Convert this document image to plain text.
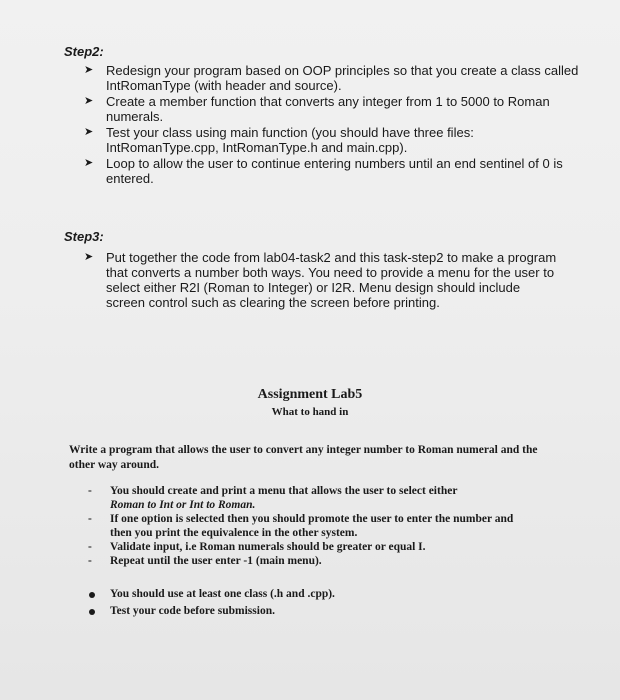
Step2:
➤ Redesign your program based on OOP principles so that you create a class called IntRomanType (with header and source).
➤ Create a member function that converts any integer from 1 to 5000 to Roman numerals.
➤ Test your class using main function (you should have three files: IntRomanType.cpp, IntRomanType.h and main.cpp).
➤ Loop to allow the user to continue entering numbers until an end sentinel of 0 is entered.
Step3:
➤ Put together the code from lab04-task2 and this task-step2 to make a program that converts a number both ways. You need to provide a menu for the user to select either R2I (Roman to Integer) or I2R. Menu design should include screen control such as clearing the screen before printing.
Assignment Lab5
What to hand in
Write a program that allows the user to convert any integer number to Roman numeral and the other way around.
- You should create and print a menu that allows the user to select either
Roman to Int or Int to Roman.
- If one option is selected then you should promote the user to enter the number and then you print the equivalence in the other system.
- Validate input, i.e Roman numerals should be greater or equal I.
- Repeat until the user enter -1 (main menu).
You should use at least one class (.h and .cpp).
Test your code before submission.
